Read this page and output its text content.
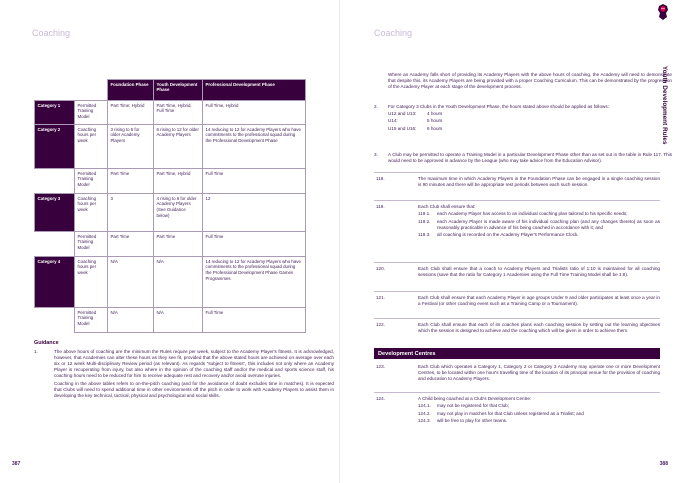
Coaching
		Foundation Phase	Youth Development Phase	Professional Development Phase
Category 1	Permitted Training Model	Part Time; Hybrid	Part Time, Hybrid, Full Time	Full Time, Hybrid
Category 2	Coaching hours per week	3 rising to 5 for older Academy Players	6 rising to 12 for older Academy Players	14 reducing to 12 for Academy Players who have commitments to the professional squad during the Professional Development Phase
	Permitted Training Model	Part Time	Part Time, Hybrid	Full Time
Category 3	Coaching hours per week	3	4 rising to 6 for older Academy Players (See Guidance below)	12
	Permitted Training Model	Part Time	Part Time	Full Time
Category 4	Coaching hours per week	N/A	N/A	14 reducing to 12 for Academy Players who have commitments to the professional squad during the Professional Development Phase Games Programmes
	Permitted Training Model	N/A	N/A	Full Time
Guidance
1.	The above hours of coaching are the minimum the Rules require per week, subject to the Academy Player's fitness. It is acknowledged, however, that Academies can alter these hours as they see fit, provided that the above stated hours are achieved on average over each six or 12 week Multi-disciplinary Review period (as relevant). As regards "subject to fitness", this includes not only where an Academy Player is recuperating from injury, but also where in the opinion of the coaching staff and/or the medical and sports science staff, his coaching hours need to be reduced for him to receive adequate rest and recovery and/or avoid overuse injuries.
Coaching in the above tables refers to on-the-pitch coaching (and for the avoidance of doubt excludes time in matches). It is expected that Clubs will need to spend additional time in other environments off the pitch in order to work with Academy Players to assist them in developing the key technical, tactical, physical and psychological and social skills.
387
Coaching
Youth Development Rules
Where an Academy falls short of providing its Academy Players with the above hours of coaching, the Academy will need to demonstrate that despite this, its Academy Players are being provided with a proper Coaching Curriculum. This can be demonstrated by the progression of the Academy Player at each stage of the development process.
2.	For Category 3 Clubs in the Youth Development Phase, the hours stated above should be applied as follows:
U12 and U13:	4 hours
U14:	5 hours
U15 and U16:	6 hours
3.	A Club may be permitted to operate a Training Model in a particular Development Phase other than as set out in the table in Rule 117. This would need to be approved in advance by the League (who may take advice from the Education Advisor).
118.	The maximum time in which Academy Players in the Foundation Phase can be engaged in a single coaching session is 90 minutes and there will be appropriate rest periods between each such session.
119.	Each Club shall ensure that:
119.1.	each Academy Player has access to an individual coaching plan tailored to his specific needs;
119.2.	each Academy Player is made aware of his individual coaching plan (and any changes thereto) as soon as reasonably practicable in advance of his being coached in accordance with it; and
119.3.	all coaching is recorded on the Academy Player's Performance Clock.
120.	Each Club shall ensure that a coach to Academy Players and Trialists ratio of 1:10 is maintained for all coaching sessions (save that the ratio for Category 1 Academies using the Full Time Training Model shall be 1:8).
121.	Each Club shall ensure that each Academy Player in age groups Under 9 and older participates at least once a year in a Festival (or other coaching event such as a Training Camp or a Tournament).
122.	Each Club shall ensure that each of its coaches plans each coaching session by setting out the learning objectives which the session is designed to achieve and the coaching which will be given in order to achieve them.
Development Centres
123.	Each Club which operates a Category 1, Category 2 or Category 3 Academy may operate one or more Development Centres, to be located within one hour's travelling time of the location of its principal venue for the provision of coaching and education to Academy Players.
124.	A Child being coached at a Club's Development Centre:
124.1.	may not be registered for that Club;
124.2.	may not play in matches for that Club unless registered as a Trialist; and
124.3.	will be free to play for other teams.
388
